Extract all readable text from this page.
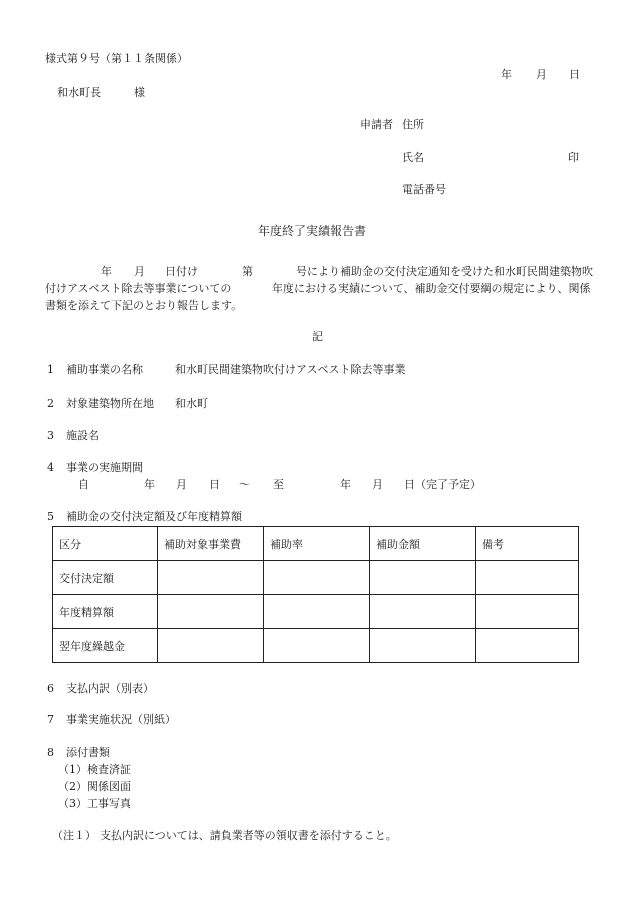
様式第９号（第１１条関係）
年 月 日
和水町長　　　様
申請者 住所
氏名	印
電話番号
年度終了実績報告書
年 月 日付け	第	号により補助金の交付決定通知を受けた和水町民間建築物吹
付けアスベスト除去等事業についての	年度における実績について、補助金交付要綱の規定により、関係
書類を添えて下記のとおり報告します。
記
1 補助事業の名称	和水町民間建築物吹付けアスベスト除去等事業
2 対象建築物所在地 和水町
3 施設名
4 事業の実施期間
自	年 月 日 〜 至	年 月 日（完了予定）
5 補助金の交付決定額及び年度精算額
区分	補助対象事業費	補助率	補助金額	備考
交付決定額				
年度精算額				
翌年度繰越金				
6 支払内訳（別表）
7 事業実施状況（別紙）
8 添付書類
（1）検査済証
（2）関係図面
（3）工事写真
（注１） 支払内訳については、請負業者等の領収書を添付すること。
